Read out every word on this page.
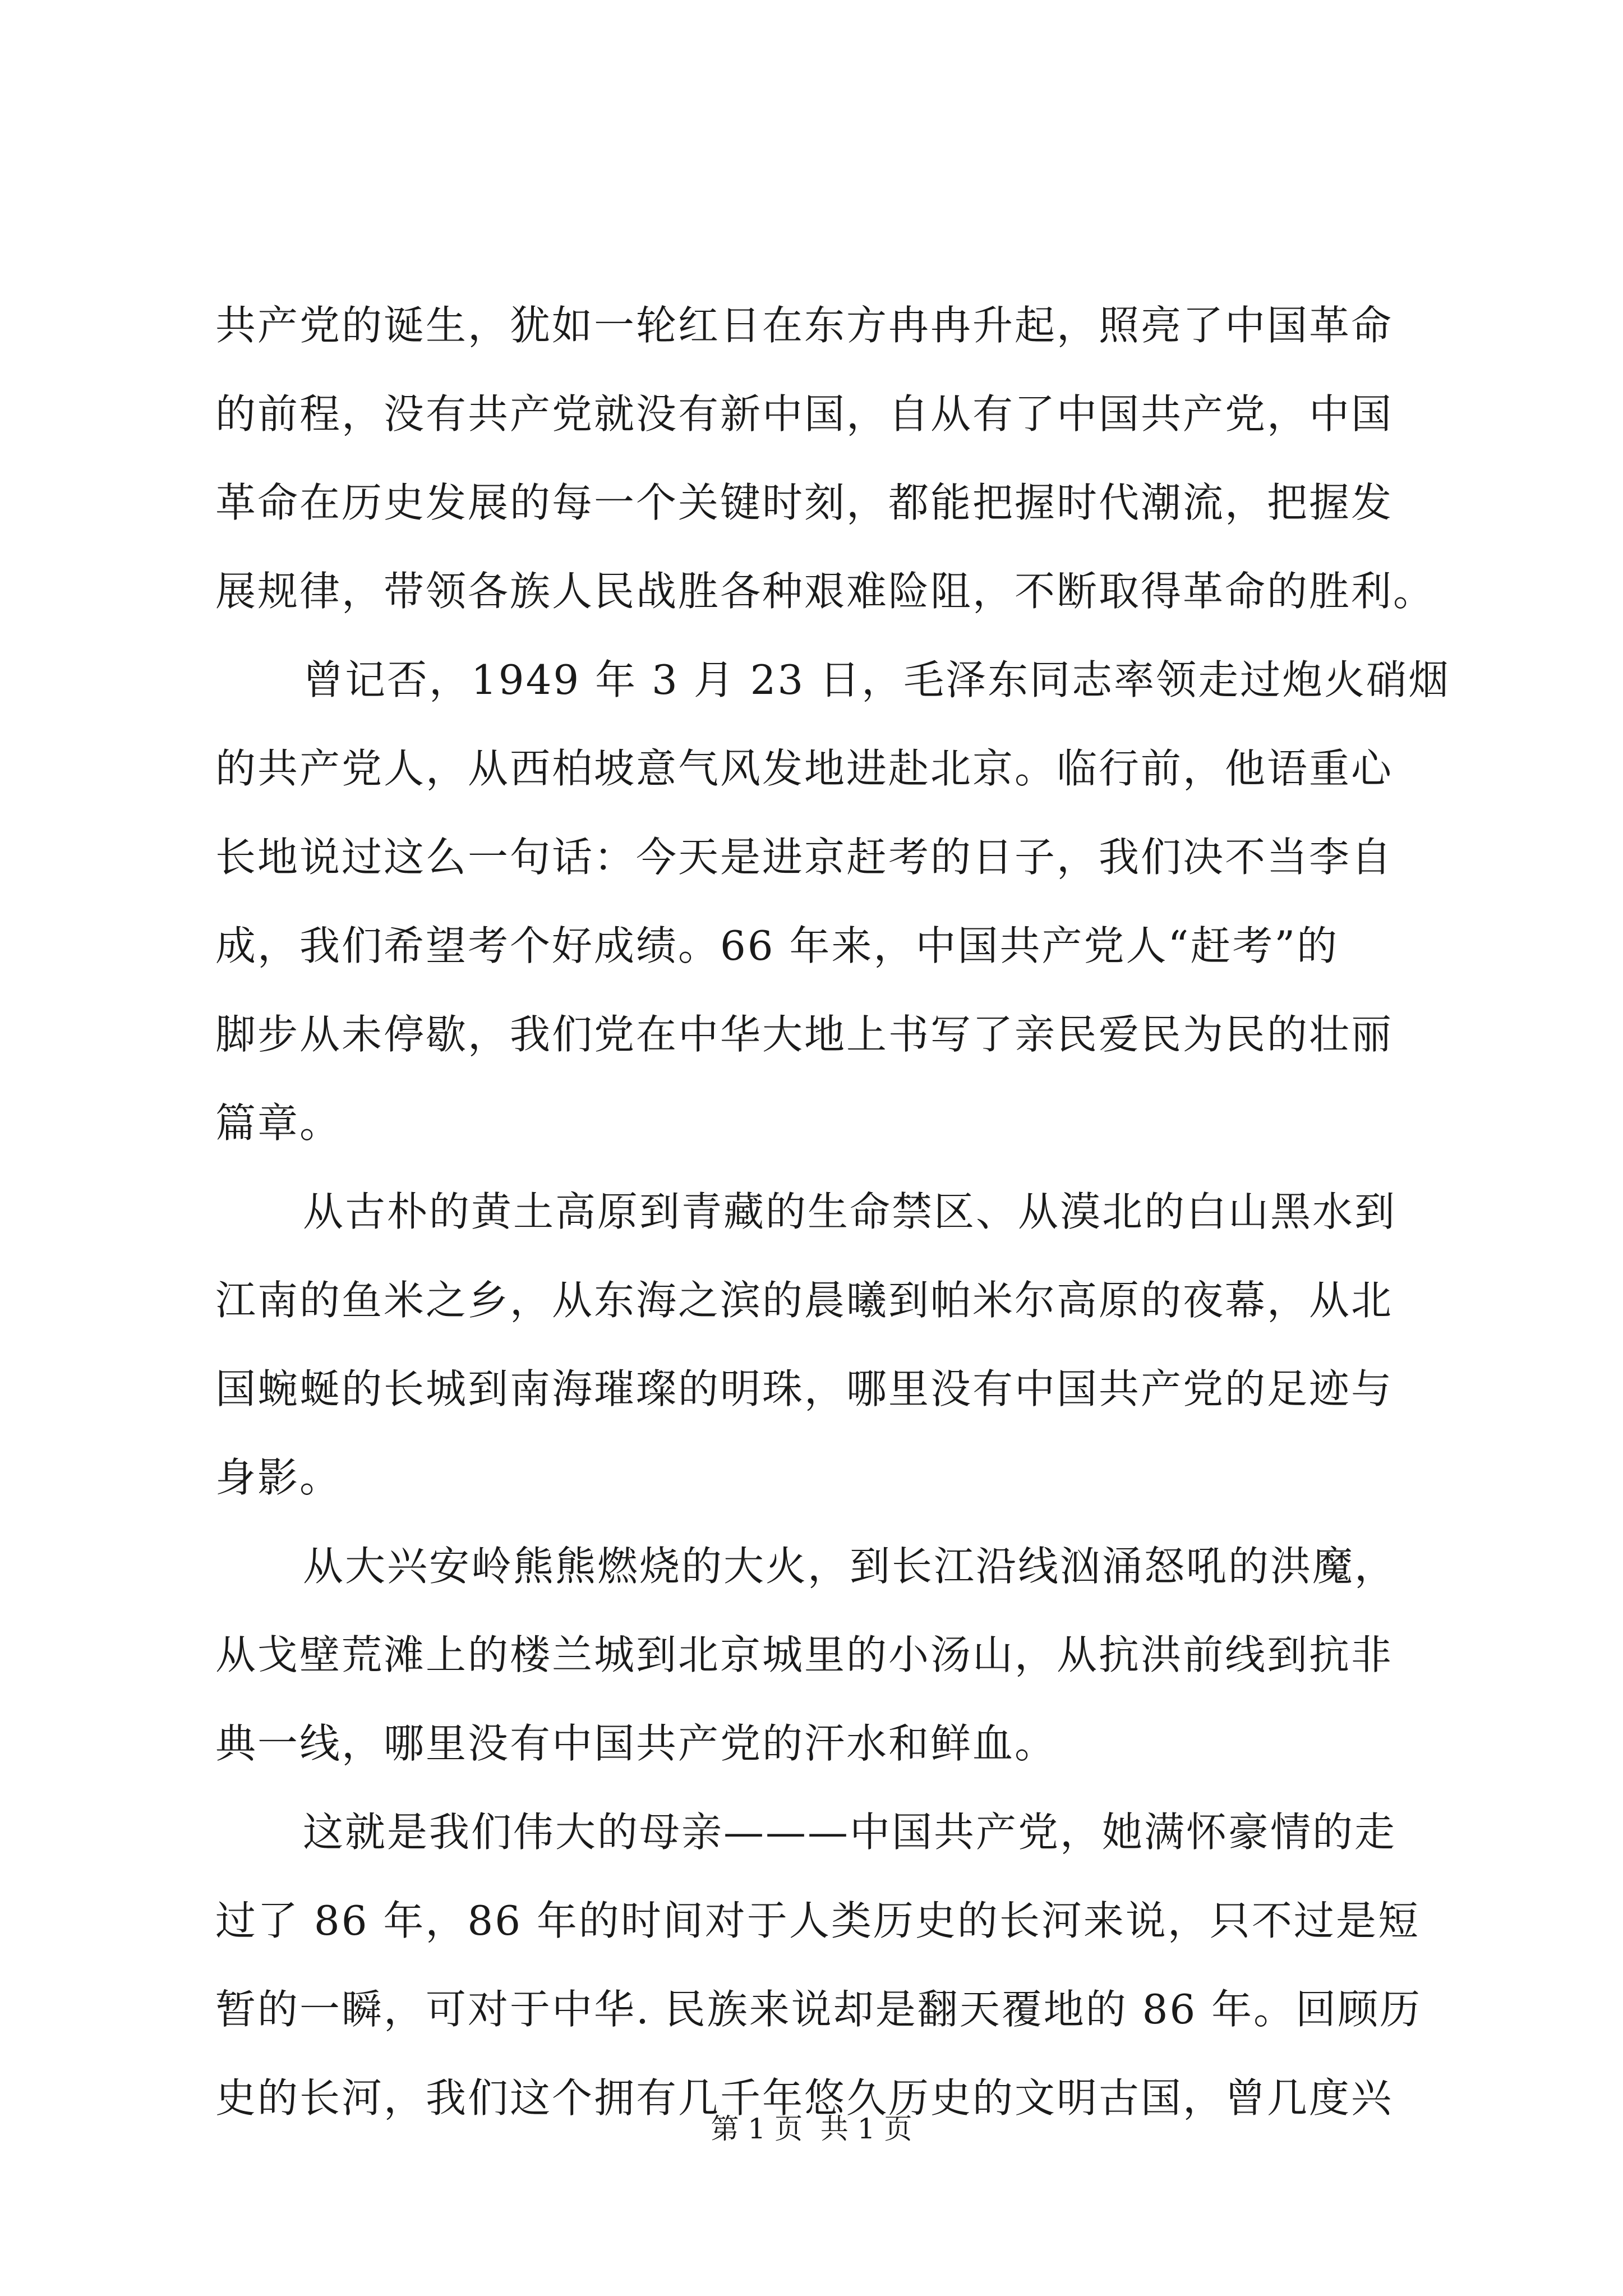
共产党的诞生，犹如一轮红日在东方冉冉升起，照亮了中国革命
的前程，没有共产党就没有新中国，自从有了中国共产党，中国
革命在历史发展的每一个关键时刻，都能把握时代潮流，把握发
展规律，带领各族人民战胜各种艰难险阻，不断取得革命的胜利。
曾记否，1949 年 3 月 23 日，毛泽东同志率领走过炮火硝烟
的共产党人，从西柏坡意气风发地进赴北京。临行前，他语重心
长地说过这么一句话：今天是进京赶考的日子，我们决不当李自
成，我们希望考个好成绩。66 年来，中国共产党人“赶考”的
脚步从未停歇，我们党在中华大地上书写了亲民爱民为民的壮丽
篇章。
从古朴的黄土高原到青藏的生命禁区、从漠北的白山黑水到
江南的鱼米之乡，从东海之滨的晨曦到帕米尔高原的夜幕，从北
国蜿蜒的长城到南海璀璨的明珠，哪里没有中国共产党的足迹与
身影。
从大兴安岭熊熊燃烧的大火，到长江沿线汹涌怒吼的洪魔，
从戈壁荒滩上的楼兰城到北京城里的小汤山，从抗洪前线到抗非
典一线，哪里没有中国共产党的汗水和鲜血。
这就是我们伟大的母亲———中国共产党，她满怀豪情的走
过了 86 年，86 年的时间对于人类历史的长河来说，只不过是短
暂的一瞬，可对于中华. 民族来说却是翻天覆地的 86 年。回顾历
史的长河，我们这个拥有几千年悠久历史的文明古国，曾几度兴
第 1 页  共 1 页
